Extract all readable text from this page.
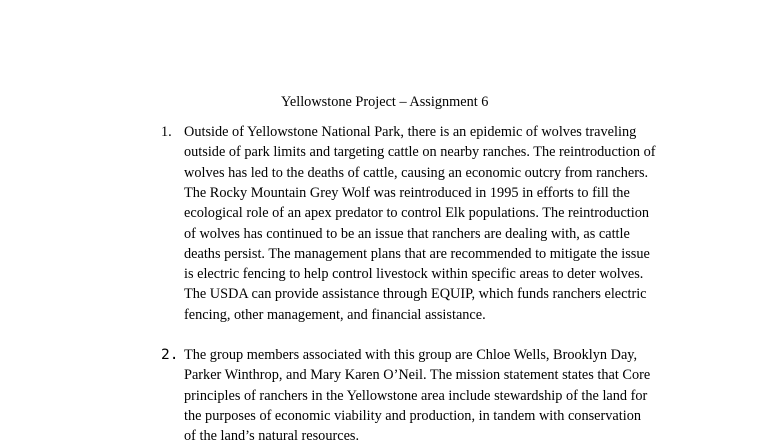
Yellowstone Project – Assignment 6
1. Outside of Yellowstone National Park, there is an epidemic of wolves traveling
outside of park limits and targeting cattle on nearby ranches. The reintroduction of
wolves has led to the deaths of cattle, causing an economic outcry from ranchers.
The Rocky Mountain Grey Wolf was reintroduced in 1995 in efforts to fill the
ecological role of an apex predator to control Elk populations. The reintroduction
of wolves has continued to be an issue that ranchers are dealing with, as cattle
deaths persist. The management plans that are recommended to mitigate the issue
is electric fencing to help control livestock within specific areas to deter wolves.
The USDA can provide assistance through EQUIP, which funds ranchers electric
fencing, other management, and financial assistance.
2. The group members associated with this group are Chloe Wells, Brooklyn Day,
Parker Winthrop, and Mary Karen O’Neil. The mission statement states that Core
principles of ranchers in the Yellowstone area include stewardship of the land for
the purposes of economic viability and production, in tandem with conservation
of the land’s natural resources.
